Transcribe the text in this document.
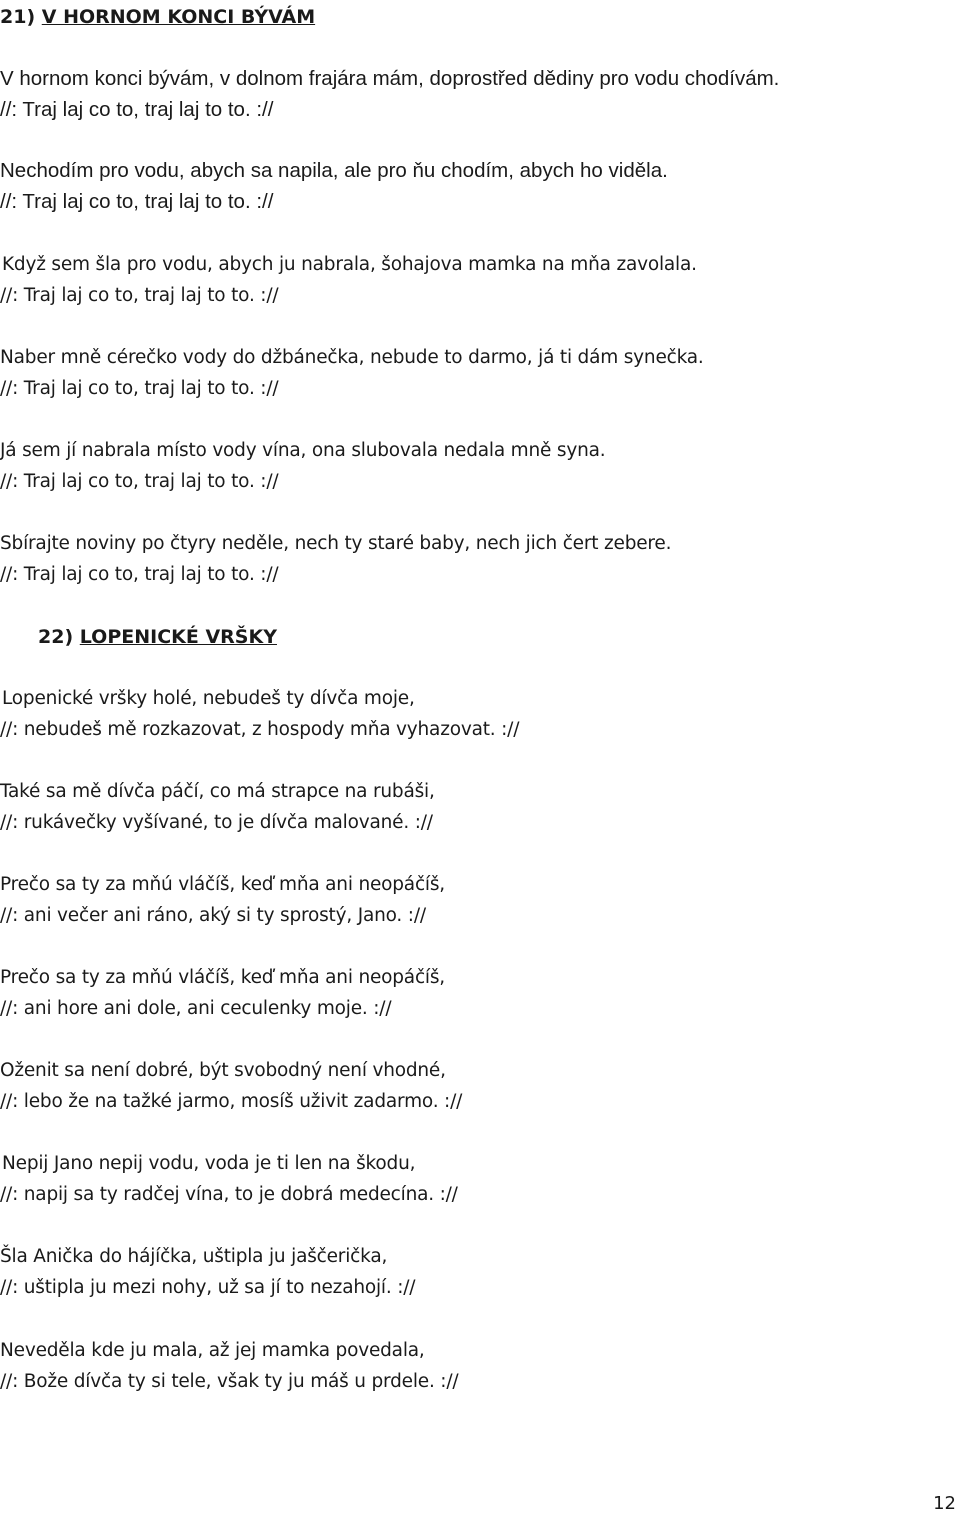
21) V HORNOM KONCI BÝVÁM
V hornom konci bývám, v dolnom frajára mám, doprostřed dědiny pro vodu chodívám.
//: Traj laj co to, traj laj to to. ://
Nechodím pro vodu, abych sa napila, ale pro ňu chodím, abych ho viděla.
//: Traj laj co to, traj laj to to. ://
Když sem šla pro vodu, abych ju nabrala, šohajova mamka na mňa zavolala.
//: Traj laj co to, traj laj to to. ://
Naber mně cérečko vody do džbánečka, nebude to darmo, já ti dám synečka.
//: Traj laj co to, traj laj to to. ://
Já sem jí nabrala místo vody vína, ona slubovala nedala mně syna.
//: Traj laj co to, traj laj to to. ://
Sbírajte noviny po čtyry neděle, nech ty staré baby, nech jich čert zebere.
//: Traj laj co to, traj laj to to. ://
22) LOPENICKÉ VRŠKY
Lopenické vršky holé, nebudeš ty dívča moje,
//: nebudeš mě rozkazovat, z hospody mňa vyhazovat. ://
Také sa mě dívča páčí, co má strapce na rubáši,
//: rukávečky vyšívané, to je dívča malované. ://
Prečo sa ty za mňú vláčíš, keď mňa ani neopáčíš,
//: ani večer ani ráno, aký si ty sprostý, Jano. ://
Prečo sa ty za mňú vláčíš, keď mňa ani neopáčíš,
//: ani hore ani dole, ani ceculenky moje. ://
Oženit sa není dobré, být svobodný není vhodné,
//: lebo že na tažké jarmo, mosíš uživit zadarmo. ://
Nepij Jano nepij vodu, voda je ti len na škodu,
//: napij sa ty radčej vína, to je dobrá medecína. ://
Šla Anička do hájíčka, uštipla ju jaščerička,
//: uštipla ju mezi nohy, už sa jí to nezahojí. ://
Neveděla kde ju mala, až jej mamka povedala,
//: Bože dívča ty si tele, však ty ju máš u prdele. ://
12
